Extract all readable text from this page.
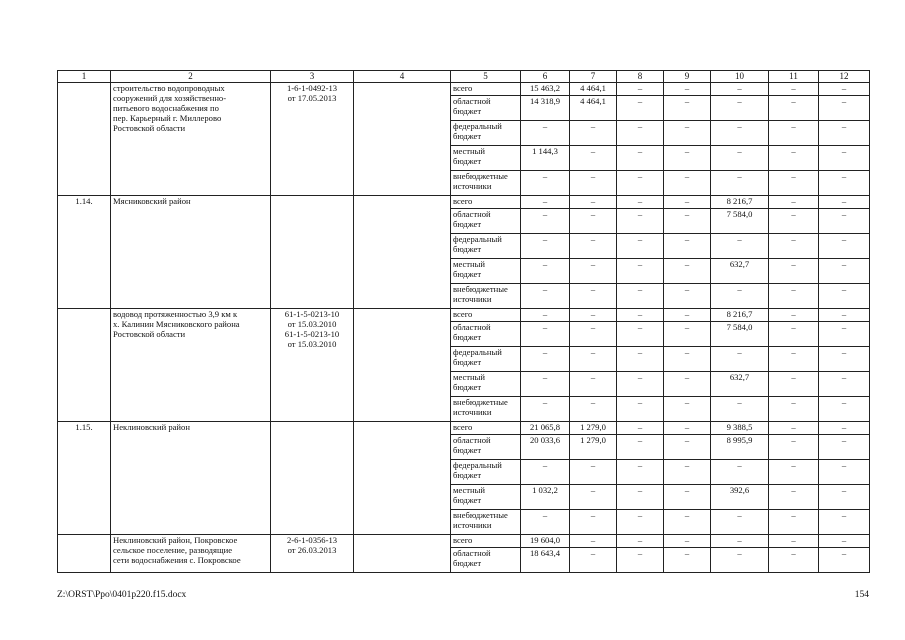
1	2	3	4	5	6	7	8	9	10	11	12

	строительство водопроводных
сооружений для хозяйственно-
питьевого водоснабжения по
пер. Карьерный г. Миллерово
Ростовской области	1-6-1-0492-13
от 17.05.2013		всего	15 463,2	4 464,1	–	–	–	–	–

				областной
бюджет	14 318,9	4 464,1	–	–	–	–	–

				федеральный
бюджет	–	–	–	–	–	–	–

				местный
бюджет	1 144,3	–	–	–	–	–	–

				внебюджетные
источники	–	–	–	–	–	–	–

1.14.	Мясниковский район			всего	–	–	–	–	8 216,7	–	–

				областной
бюджет	–	–	–	–	7 584,0	–	–

				федеральный
бюджет	–	–	–	–	–	–	–

				местный
бюджет	–	–	–	–	632,7	–	–

				внебюджетные
источники	–	–	–	–	–	–	–

	водовод протяженностью 3,9 км к
х. Калинин Мясниковского района
Ростовской области	61-1-5-0213-10
от 15.03.2010
61-1-5-0213-10
от 15.03.2010		всего	–	–	–	–	8 216,7	–	–

				областной
бюджет	–	–	–	–	7 584,0	–	–

				федеральный
бюджет	–	–	–	–	–	–	–

				местный
бюджет	–	–	–	–	632,7	–	–

				внебюджетные
источники	–	–	–	–	–	–	–

1.15.	Неклиновский район			всего	21 065,8	1 279,0	–	–	9 388,5	–	–

				областной
бюджет	20 033,6	1 279,0	–	–	8 995,9	–	–

				федеральный
бюджет	–	–	–	–	–	–	–

				местный
бюджет	1 032,2	–	–	–	392,6	–	–

				внебюджетные
источники	–	–	–	–	–	–	–

	Неклиновский район, Покровское
сельское поселение, разводящие
сети водоснабжения с. Покровское	2-6-1-0356-13
от 26.03.2013		всего	19 604,0	–	–	–	–	–	–

				областной
бюджет	18 643,4	–	–	–	–	–	–
Z:\ORST\Ppo\0401p220.f15.docx	154
